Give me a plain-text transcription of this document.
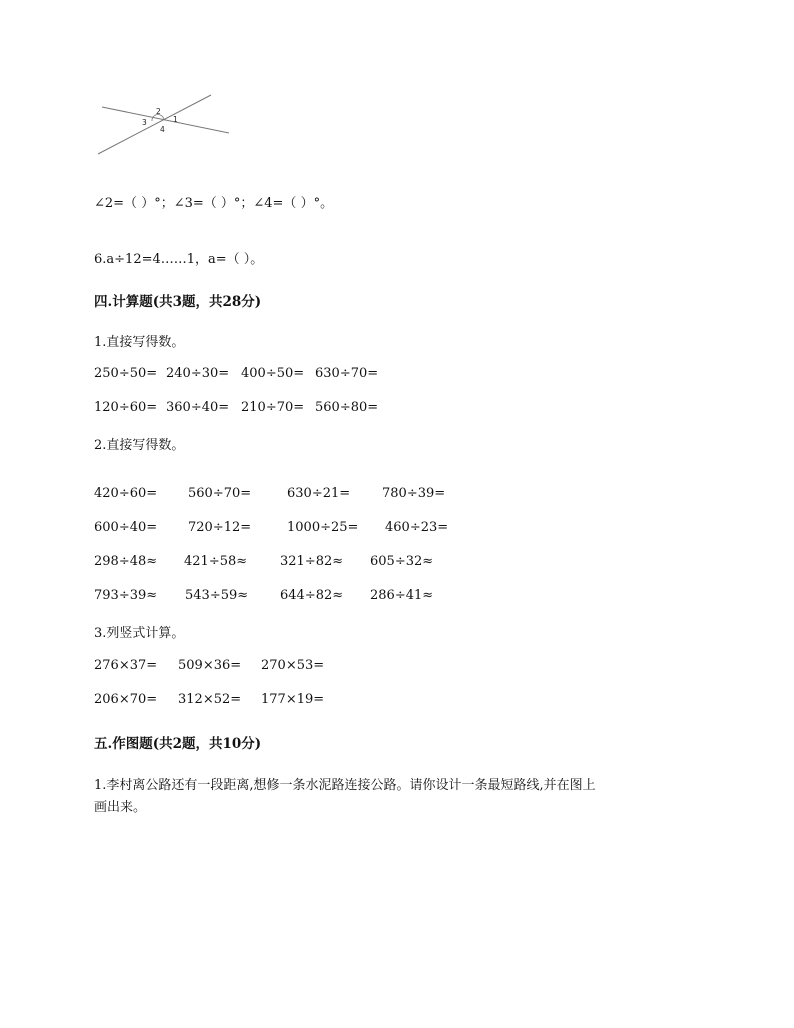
2
3	1
4
∠2=（ ）°；∠3=（ ）°；∠4=（ ）°。
6.a÷12=4……1，a=（ ）。
四.计算题(共3题，共28分)
1.直接写得数。
250÷50= 240÷30= 400÷50= 630÷70=
120÷60= 360÷40= 210÷70= 560÷80=
2.直接写得数。
420÷60= 560÷70=	630÷21= 780÷39=
600÷40= 720÷12=	1000÷25= 460÷23=
298÷48≈ 421÷58≈	321÷82≈ 605÷32≈
793÷39≈ 543÷59≈ 644÷82≈ 286÷41≈
3.列竖式计算。
276×37= 509×36= 270×53=
206×70= 312×52= 177×19=
五.作图题(共2题，共10分)
1.李村离公路还有一段距离,想修一条水泥路连接公路。请你设计一条最短路线,并在图上
画出来。
